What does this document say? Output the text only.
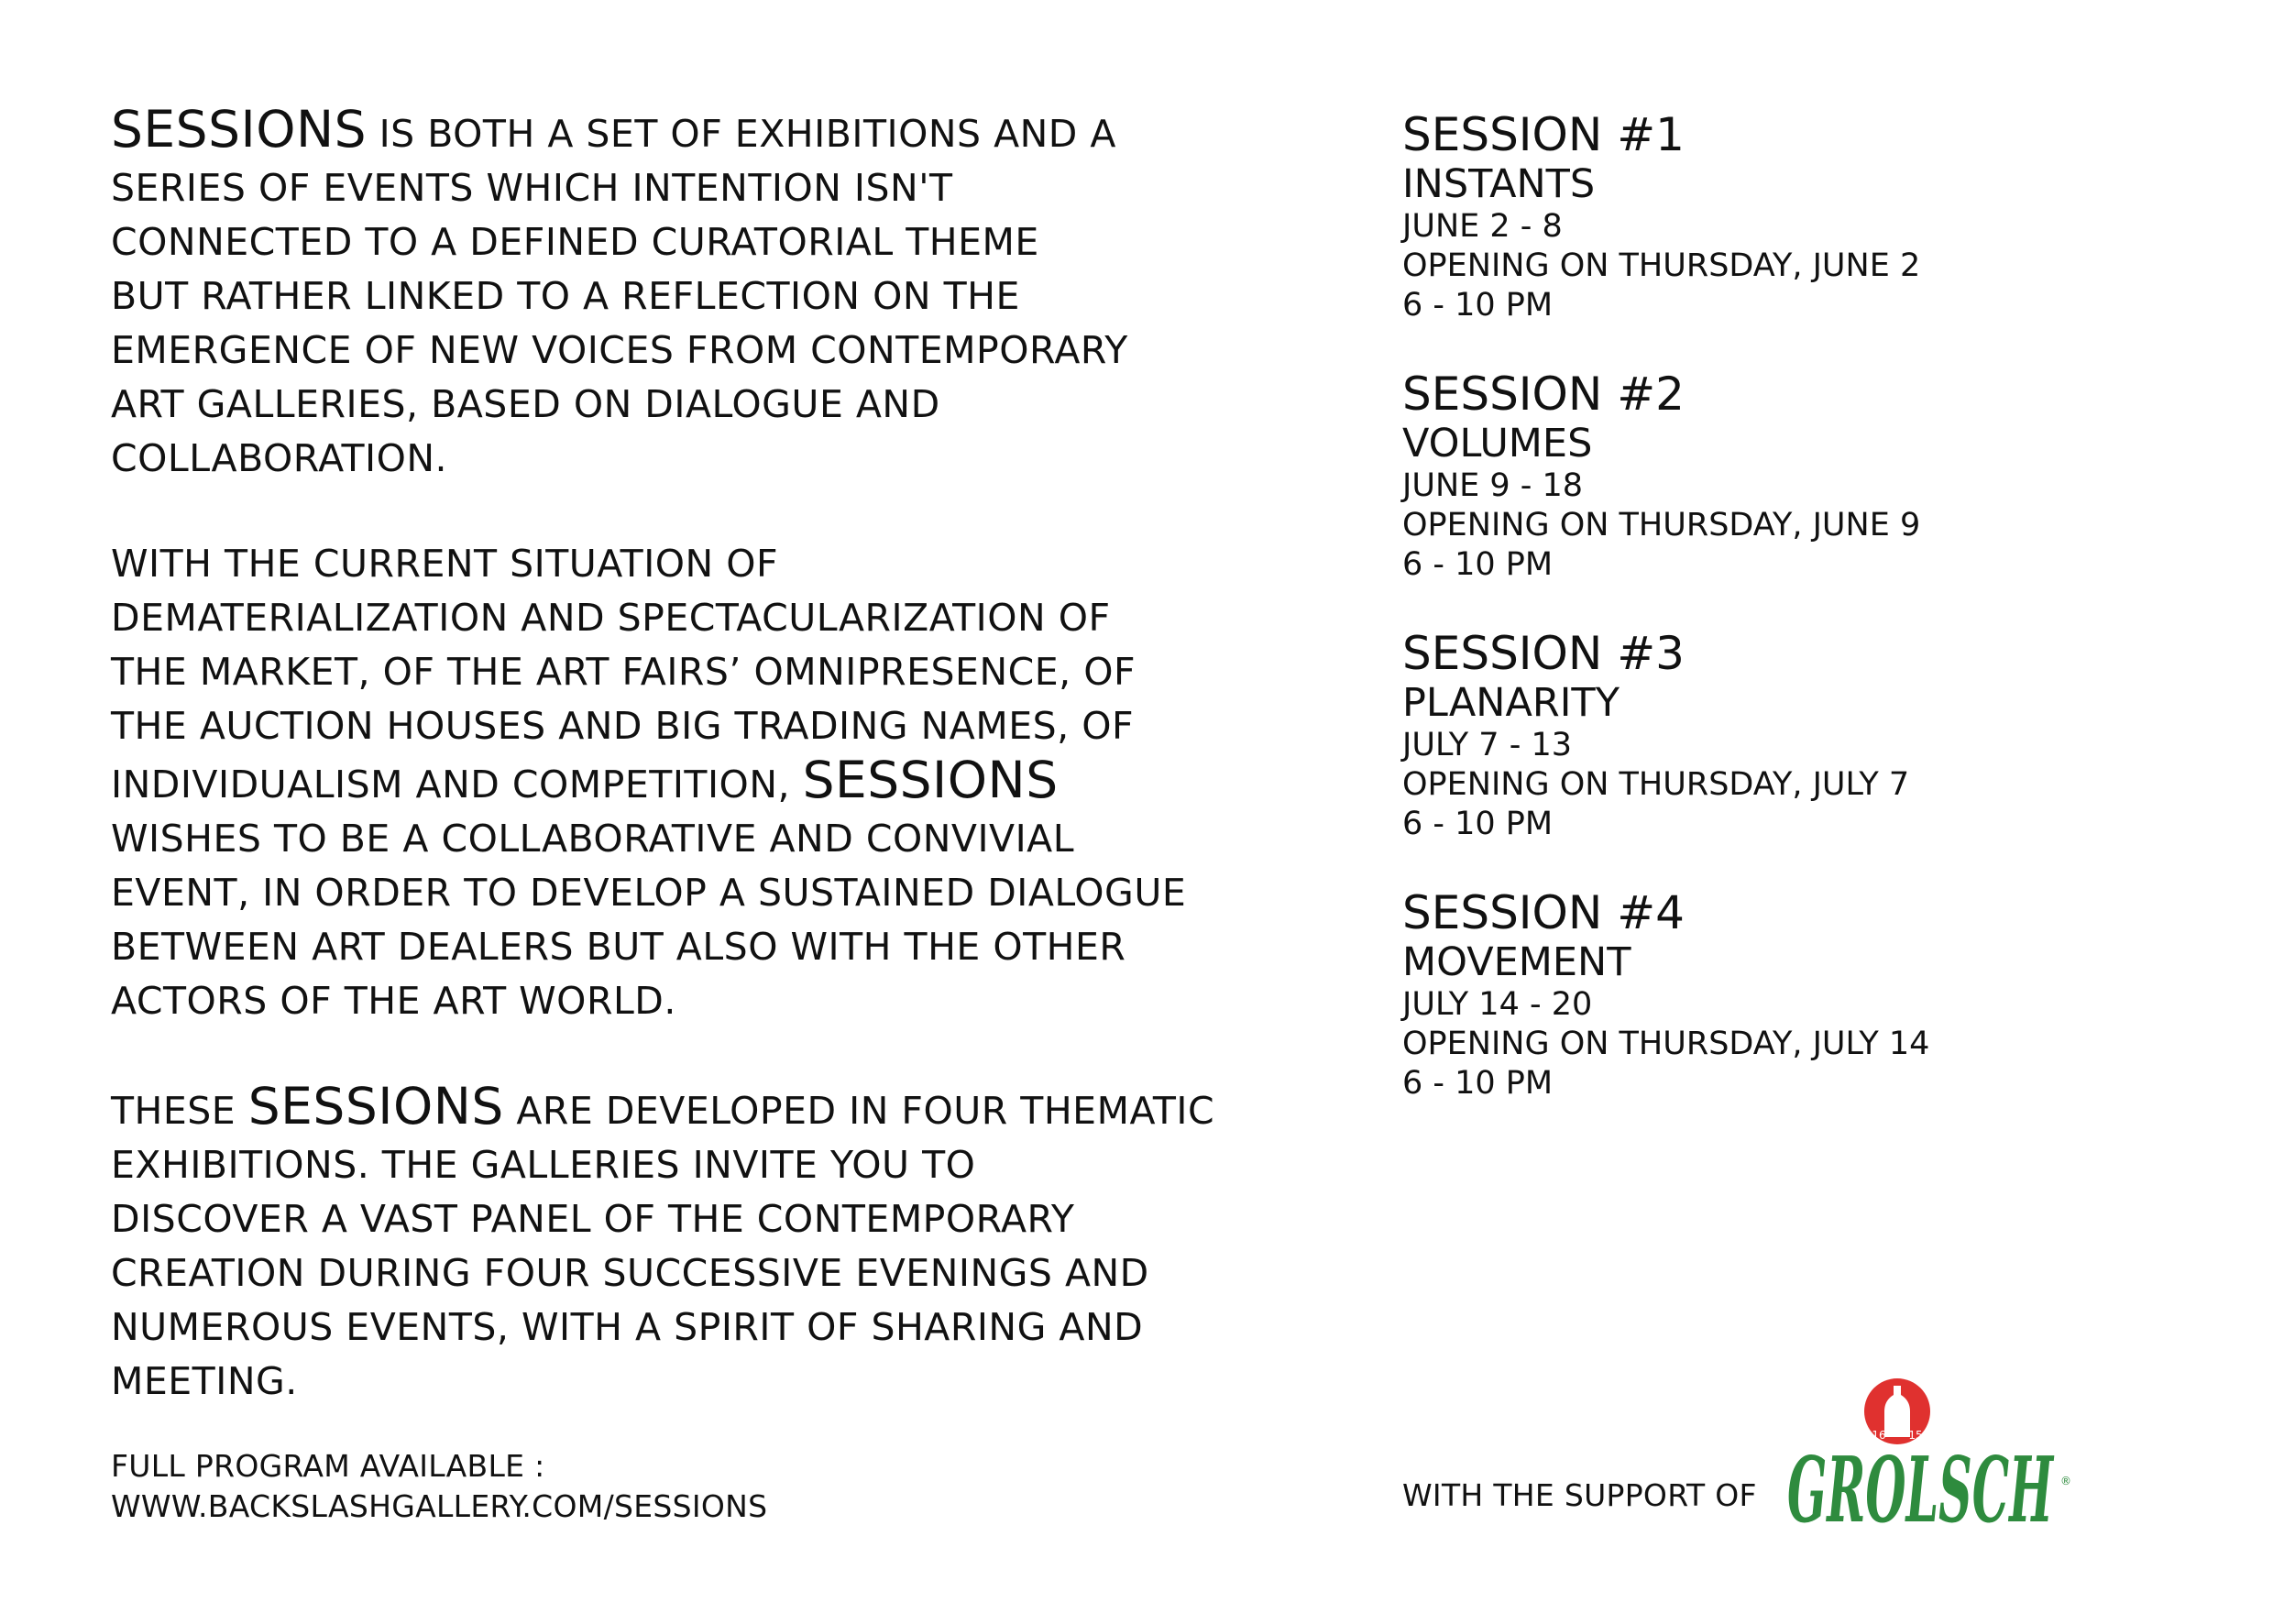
SESSIONS IS BOTH A SET OF EXHIBITIONS AND A
SERIES OF EVENTS WHICH INTENTION ISN'T
CONNECTED TO A DEFINED CURATORIAL THEME
BUT RATHER LINKED TO A REFLECTION ON THE
EMERGENCE OF NEW VOICES FROM CONTEMPORARY
ART GALLERIES, BASED ON DIALOGUE AND
COLLABORATION.

WITH THE CURRENT SITUATION OF
DEMATERIALIZATION AND SPECTACULARIZATION OF
THE MARKET, OF THE ART FAIRS’ OMNIPRESENCE, OF
THE AUCTION HOUSES AND BIG TRADING NAMES, OF
INDIVIDUALISM AND COMPETITION, SESSIONS
WISHES TO BE A COLLABORATIVE AND CONVIVIAL
EVENT, IN ORDER TO DEVELOP A SUSTAINED DIALOGUE
BETWEEN ART DEALERS BUT ALSO WITH THE OTHER
ACTORS OF THE ART WORLD.

THESE SESSIONS ARE DEVELOPED IN FOUR THEMATIC
EXHIBITIONS. THE GALLERIES INVITE YOU TO
DISCOVER A VAST PANEL OF THE CONTEMPORARY
CREATION DURING FOUR SUCCESSIVE EVENINGS AND
NUMEROUS EVENTS, WITH A SPIRIT OF SHARING AND
MEETING.

FULL PROGRAM AVAILABLE :
WWW.BACKSLASHGALLERY.COM/SESSIONS
SESSION #1
INSTANTS
JUNE 2 - 8
OPENING ON THURSDAY, JUNE 2
6 - 10 PM
SESSION #2
VOLUMES
JUNE 9 - 18
OPENING ON THURSDAY, JUNE 9
6 - 10 PM
SESSION #3
PLANARITY
JULY 7 - 13
OPENING ON THURSDAY, JULY 7
6 - 10 PM
SESSION #4
MOVEMENT
JULY 14 - 20
OPENING ON THURSDAY, JULY 14
6 - 10 PM
WITH THE SUPPORT OF
16 15
GROLSCH ®
